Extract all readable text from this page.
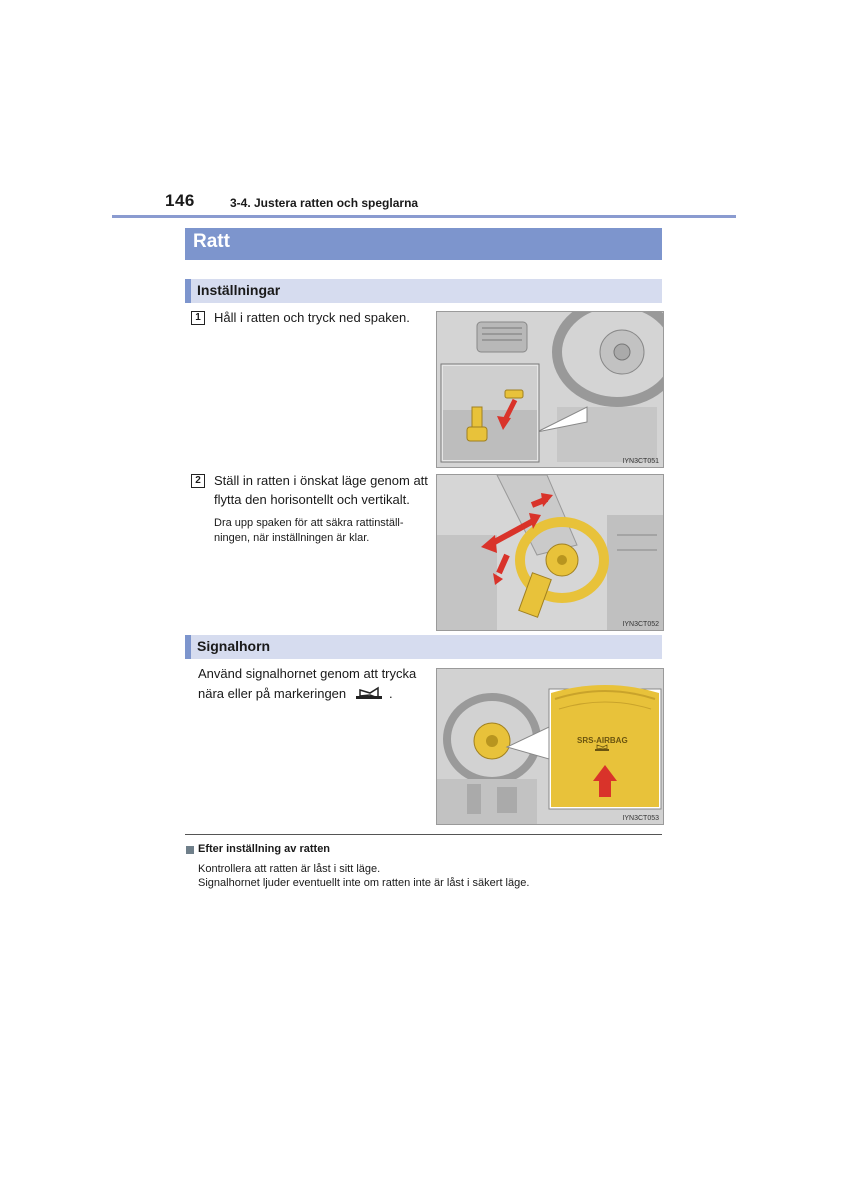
146	3-4. Justera ratten och speglarna
Ratt
Inställningar
1	Håll i ratten och tryck ned spaken.
IYN3CT051
2	Ställ in ratten i önskat läge genom att
flytta den horisontellt och vertikalt.
Dra upp spaken för att säkra rattinställ-
ningen, när inställningen är klar.
IYN3CT052
Signalhorn
Använd signalhornet genom att trycka
nära eller på markeringen	.
SRS-AIRBAG
IYN3CT053
Efter inställning av ratten
Kontrollera att ratten är låst i sitt läge.
Signalhornet ljuder eventuellt inte om ratten inte är låst i säkert läge.
